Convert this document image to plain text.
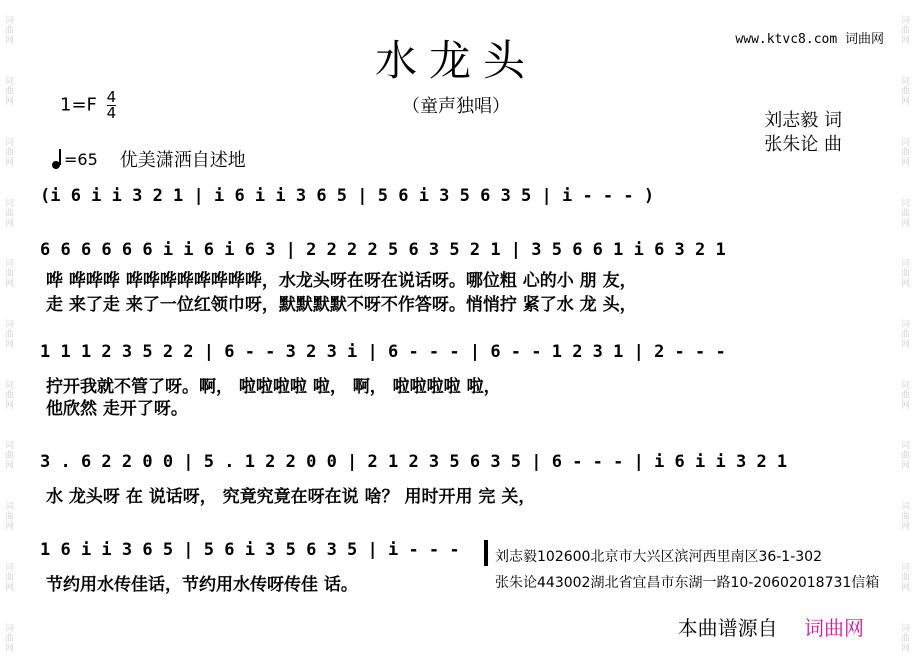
词曲网
词曲网
词曲网
词曲网
词曲网
词曲网
词曲网
词曲网
词曲网
词曲网
词曲网
词曲网
词曲网
词曲网
词曲网
词曲网
词曲网
词曲网
词曲网
词曲网
词曲网
词曲网
www.ktvc8.com 词曲网
水龙头
（童声独唱）
$1=F \frac{4}{4}$	刘志毅 词
张朱论 曲
=65 优美潇洒自述地
(i 6 i i 3 2 1 | i 6 i i 3 6 5 | 5 6 i 3 5 6 3 5 | i - - - )
6 6 6 6 6 6 i i 6 i 6 3 | 2 2 2 2 5 6 3 5 2 1 | 3 5 6 6 1 i 6 3 2 1
哗 哗哗哗 哗哗哗哗哗哗哗哗，水龙头呀在呀在说话呀。哪位粗 心的小 朋 友，
走 来了走 来了一位红领巾呀，默默默默不呀不作答呀。悄悄拧 紧了水 龙 头，
1 1 1 2 3 5 2 2 | 6 - - 3 2 3 i | 6 - - - | 6 - - 1 2 3 1 | 2 - - -
拧开我就不管了呀。啊， 啦啦啦啦 啦， 啊， 啦啦啦啦 啦，
他欣然 走开了呀。
3 . 6 2 2 0 0 | 5 . 1 2 2 0 0 | 2 1 2 3 5 6 3 5 | 6 - - - | i 6 i i 3 2 1
水 龙头呀 在 说话呀， 究竟究竟在呀在说 啥？ 用时开用 完 关，
1 6 i i 3 6 5 | 5 6 i 3 5 6 3 5 | i - - -
节约用水传佳话，节约用水传呀传佳 话。
刘志毅102600北京市大兴区滨河西里南区36-1-302
张朱论443002湖北省宜昌市东湖一路10-20602018731信箱
本曲谱源自 词曲网
